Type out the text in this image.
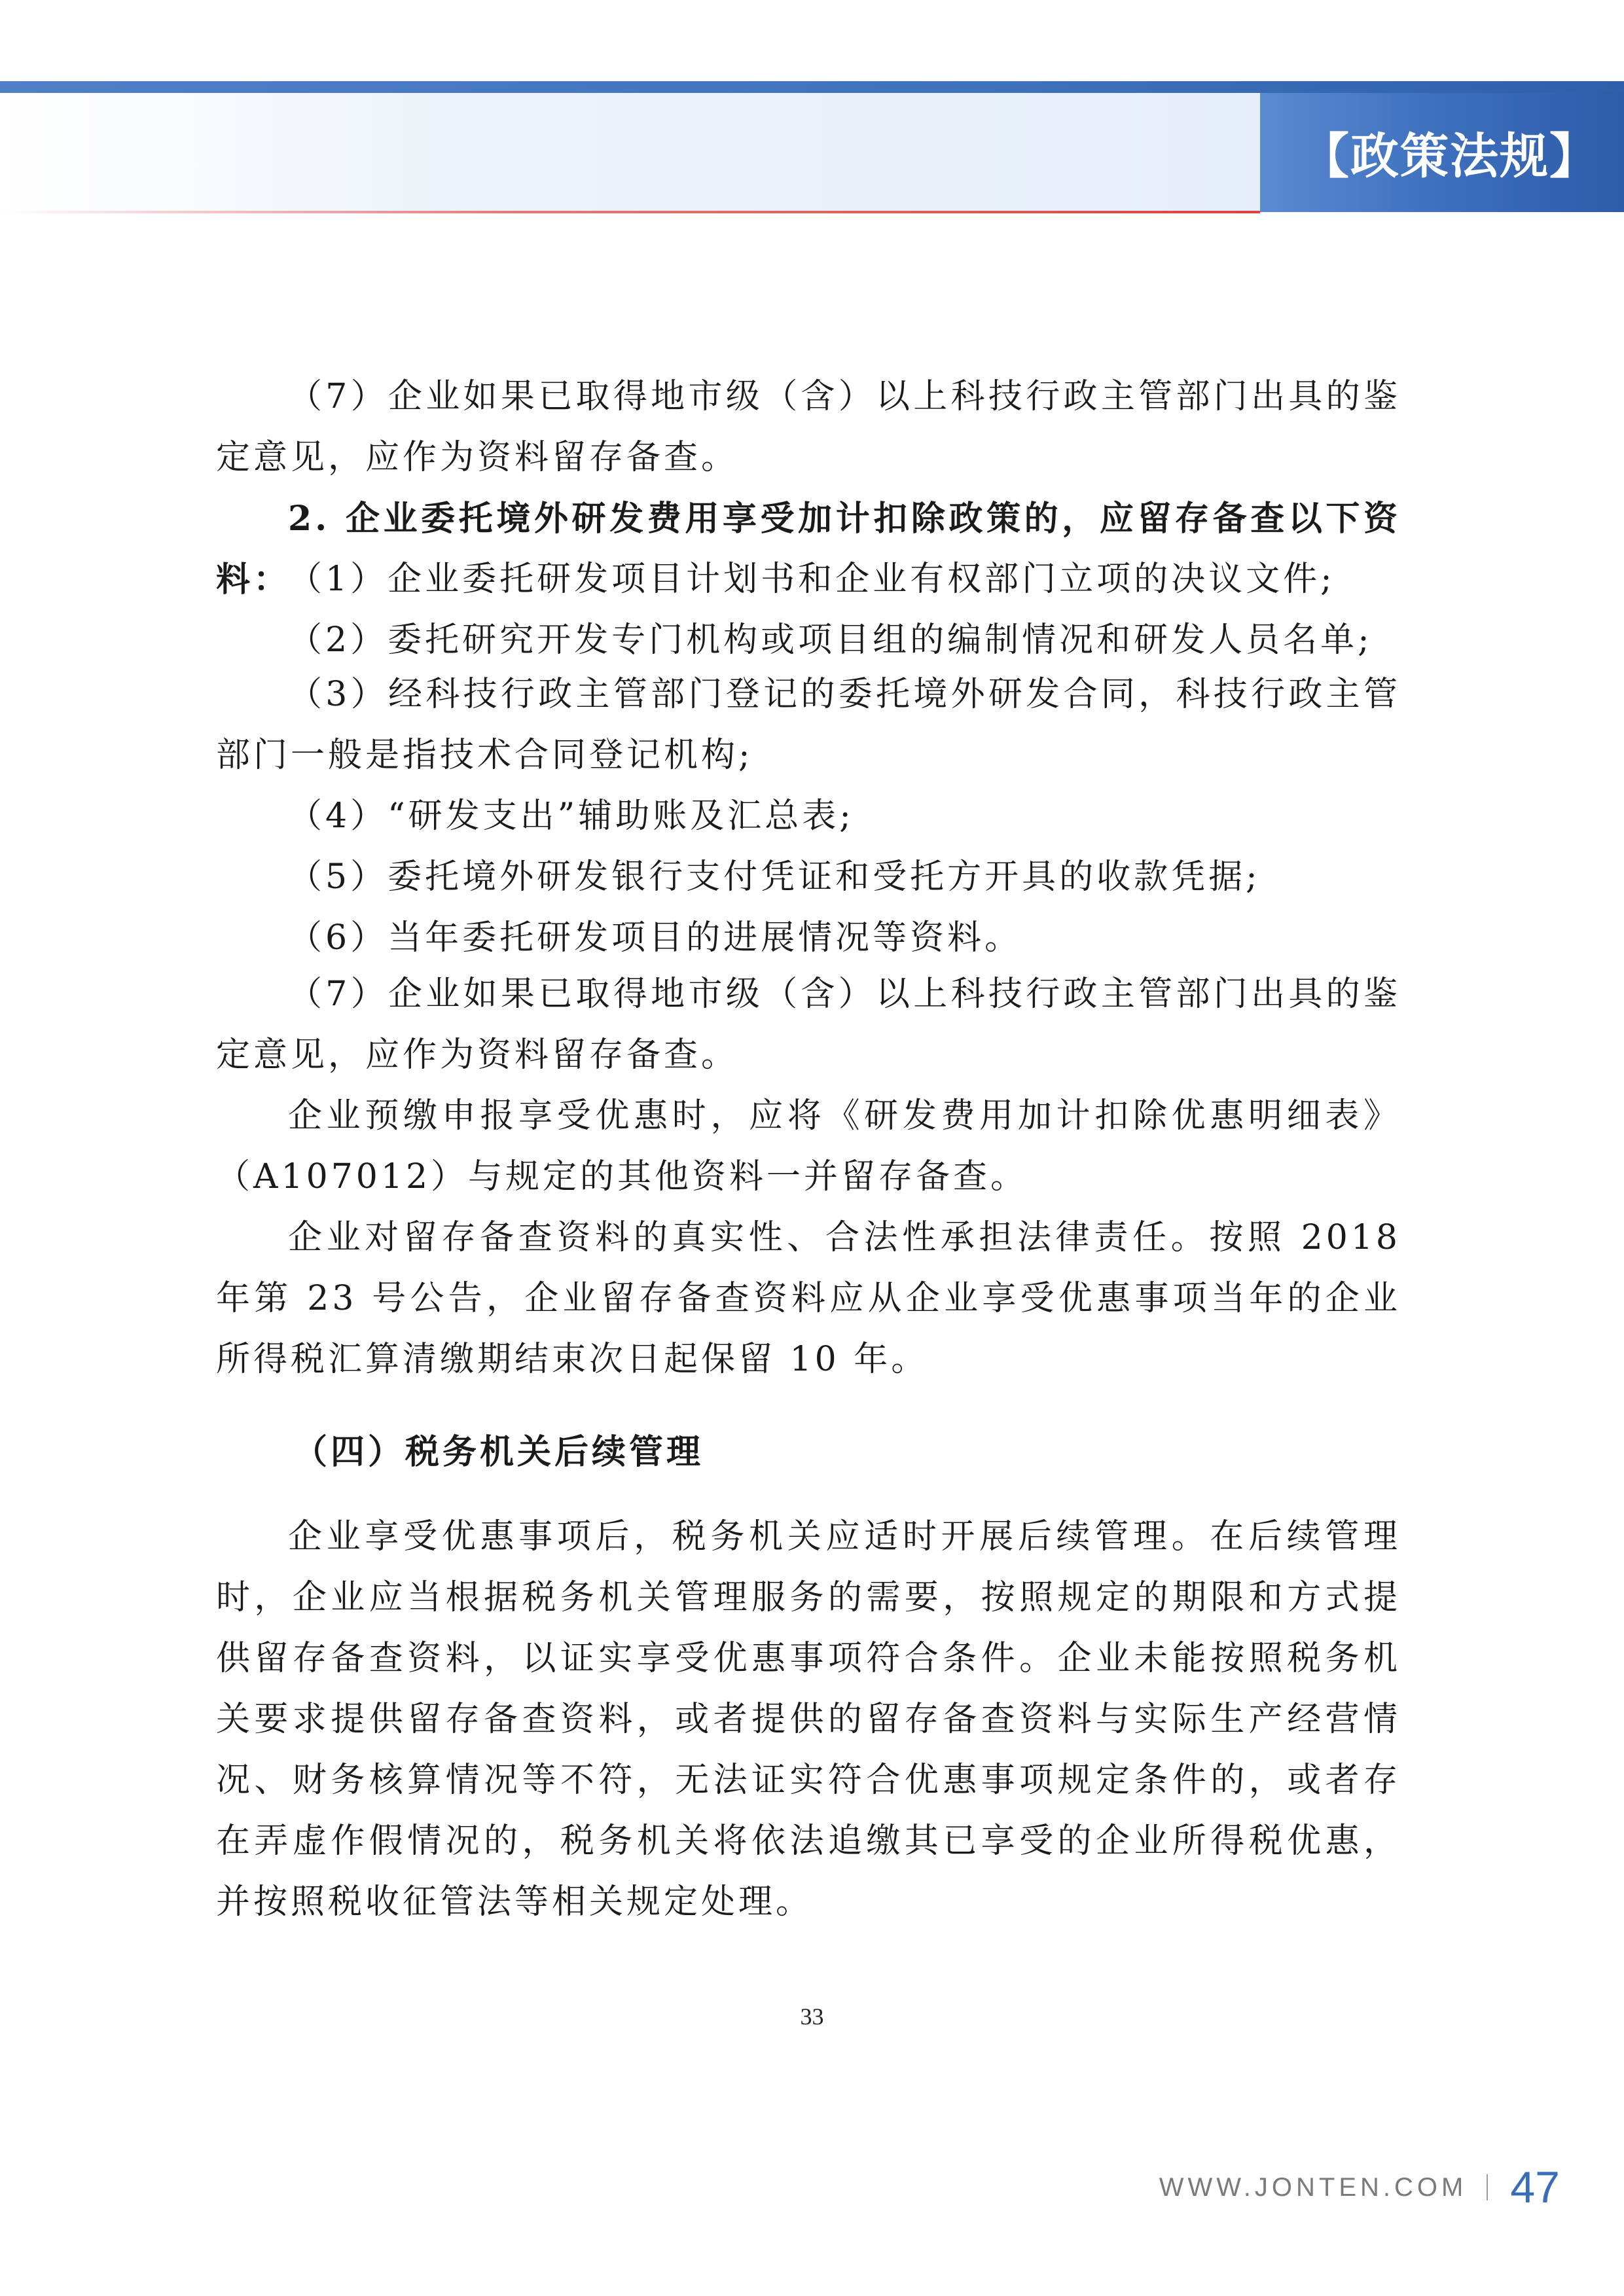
【政策法规】

（7）企业如果已取得地市级（含）以上科技行政主管部门出具的鉴定意见，应作为资料留存备查。

2. 企业委托境外研发费用享受加计扣除政策的，应留存备查以下资料：

（1）企业委托研发项目计划书和企业有权部门立项的决议文件;

（2）委托研究开发专门机构或项目组的编制情况和研发人员名单;

（3）经科技行政主管部门登记的委托境外研发合同，科技行政主管部门一般是指技术合同登记机构;

（4）“研发支出”辅助账及汇总表;

（5）委托境外研发银行支付凭证和受托方开具的收款凭据;

（6）当年委托研发项目的进展情况等资料。

（7）企业如果已取得地市级（含）以上科技行政主管部门出具的鉴定意见，应作为资料留存备查。

企业预缴申报享受优惠时，应将《研发费用加计扣除优惠明细表》（A107012）与规定的其他资料一并留存备查。

企业对留存备查资料的真实性、合法性承担法律责任。按照 2018 年第 23 号公告，企业留存备查资料应从企业享受优惠事项当年的企业所得税汇算清缴期结束次日起保留 10 年。

（四）税务机关后续管理

企业享受优惠事项后，税务机关应适时开展后续管理。在后续管理时，企业应当根据税务机关管理服务的需要，按照规定的期限和方式提供留存备查资料，以证实享受优惠事项符合条件。企业未能按照税务机关要求提供留存备查资料，或者提供的留存备查资料与实际生产经营情况、财务核算情况等不符，无法证实符合优惠事项规定条件的，或者存在弄虚作假情况的，税务机关将依法追缴其已享受的企业所得税优惠，并按照税收征管法等相关规定处理。

33
WWW.JONTEN.COM 47
